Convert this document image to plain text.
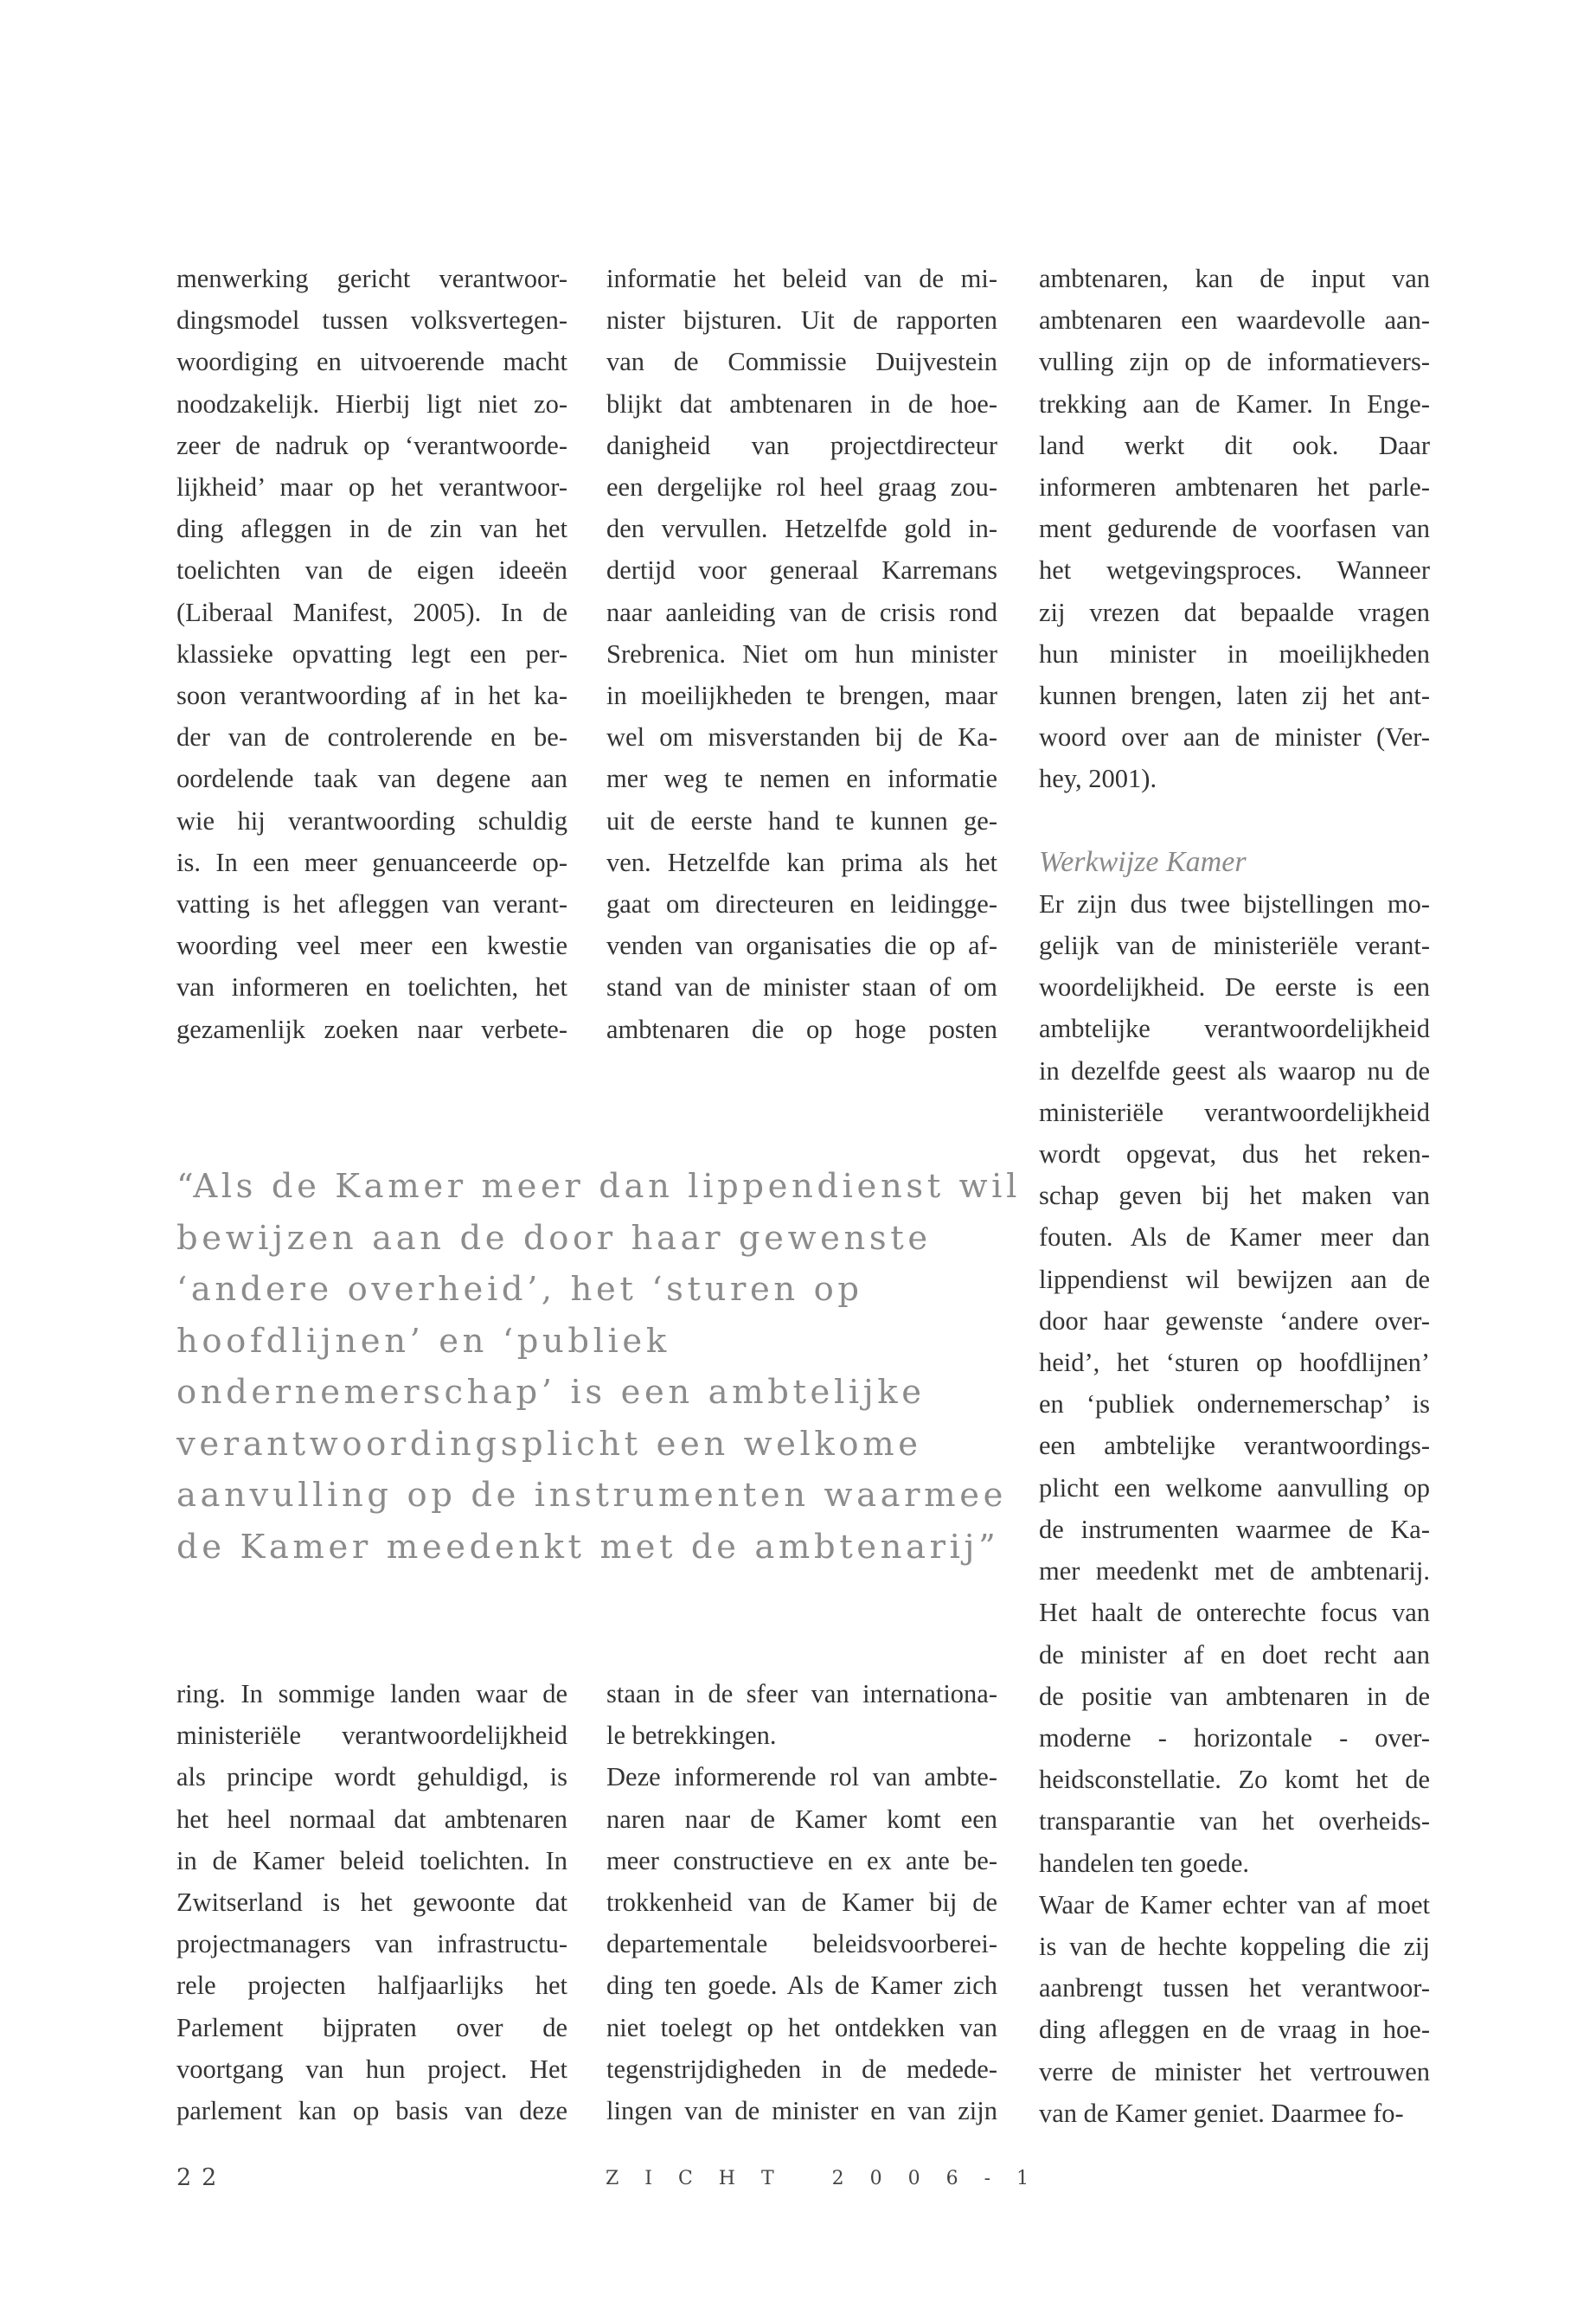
menwerking gericht verantwoor-
dingsmodel tussen volksvertegen-
woordiging en uitvoerende macht
noodzakelijk. Hierbij ligt niet zo-
zeer de nadruk op ‘verantwoorde-
lijkheid’ maar op het verantwoor-
ding afleggen in de zin van het
toelichten van de eigen ideeën
(Liberaal Manifest, 2005). In de
klassieke opvatting legt een per-
soon verantwoording af in het ka-
der van de controlerende en be-
oordelende taak van degene aan
wie hij verantwoording schuldig
is. In een meer genuanceerde op-
vatting is het afleggen van verant-
woording veel meer een kwestie
van informeren en toelichten, het
gezamenlijk zoeken naar verbete-
informatie het beleid van de mi-
nister bijsturen. Uit de rapporten
van de Commissie Duijvestein
blijkt dat ambtenaren in de hoe-
danigheid van projectdirecteur
een dergelijke rol heel graag zou-
den vervullen. Hetzelfde gold in-
dertijd voor generaal Karremans
naar aanleiding van de crisis rond
Srebrenica. Niet om hun minister
in moeilijkheden te brengen, maar
wel om misverstanden bij de Ka-
mer weg te nemen en informatie
uit de eerste hand te kunnen ge-
ven. Hetzelfde kan prima als het
gaat om directeuren en leidingge-
venden van organisaties die op af-
stand van de minister staan of om
ambtenaren die op hoge posten
ambtenaren, kan de input van
ambtenaren een waardevolle aan-
vulling zijn op de informatievers-
trekking aan de Kamer. In Enge-
land werkt dit ook. Daar
informeren ambtenaren het parle-
ment gedurende de voorfasen van
het wetgevingsproces. Wanneer
zij vrezen dat bepaalde vragen
hun minister in moeilijkheden
kunnen brengen, laten zij het ant-
woord over aan de minister (Ver-
hey, 2001).
Werkwijze Kamer
Er zijn dus twee bijstellingen mo-
gelijk van de ministeriële verant-
woordelijkheid. De eerste is een
ambtelijke verantwoordelijkheid
in dezelfde geest als waarop nu de
ministeriële verantwoordelijkheid
wordt opgevat, dus het reken-
schap geven bij het maken van
fouten. Als de Kamer meer dan
lippendienst wil bewijzen aan de
door haar gewenste ‘andere over-
heid’, het ‘sturen op hoofdlijnen’
en ‘publiek ondernemerschap’ is
een ambtelijke verantwoordings-
plicht een welkome aanvulling op
de instrumenten waarmee de Ka-
mer meedenkt met de ambtenarij.
Het haalt de onterechte focus van
de minister af en doet recht aan
de positie van ambtenaren in de
moderne - horizontale - over-
heidsconstellatie. Zo komt het de
transparantie van het overheids-
handelen ten goede.
Waar de Kamer echter van af moet
is van de hechte koppeling die zij
aanbrengt tussen het verantwoor-
ding afleggen en de vraag in hoe-
verre de minister het vertrouwen
van de Kamer geniet. Daarmee fo-
“Als de Kamer meer dan lippendienst wil
bewijzen aan de door haar gewenste
‘andere overheid’, het ‘sturen op
hoofdlijnen’ en ‘publiek
ondernemerschap’ is een ambtelijke
verantwoordingsplicht een welkome
aanvulling op de instrumenten waarmee
de Kamer meedenkt met de ambtenarij”
ring. In sommige landen waar de
ministeriële verantwoordelijkheid
als principe wordt gehuldigd, is
het heel normaal dat ambtenaren
in de Kamer beleid toelichten. In
Zwitserland is het gewoonte dat
projectmanagers van infrastructu-
rele projecten halfjaarlijks het
Parlement bijpraten over de
voortgang van hun project. Het
parlement kan op basis van deze
staan in de sfeer van internationa-
le betrekkingen.
Deze informerende rol van ambte-
naren naar de Kamer komt een
meer constructieve en ex ante be-
trokkenheid van de Kamer bij de
departementale beleidsvoorberei-
ding ten goede. Als de Kamer zich
niet toelegt op het ontdekken van
tegenstrijdigheden in de medede-
lingen van de minister en van zijn
22	ZICHT 2006-1
